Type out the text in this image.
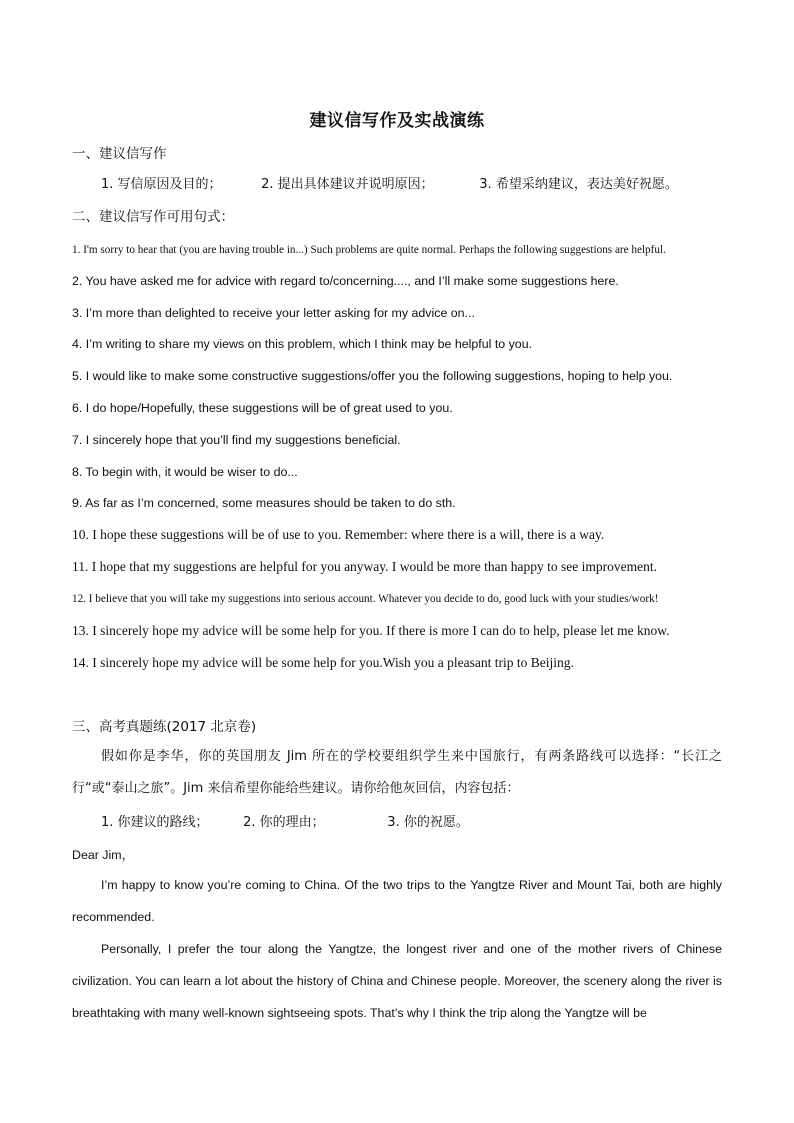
建议信写作及实战演练
一、建议信写作
1. 写信原因及目的；	2. 提出具体建议并说明原因；	3. 希望采纳建议，表达美好祝愿。
二、建议信写作可用句式：
1. I'm sorry to hear that (you are having trouble in...) Such problems are quite normal. Perhaps the following suggestions are helpful.
2. You have asked me for advice with regard to/concerning...., and I’ll make some suggestions here.
3. I’m more than delighted to receive your letter asking for my advice on...
4. I’m writing to share my views on this problem, which I think may be helpful to you.
5. I would like to make some constructive suggestions/offer you the following suggestions, hoping to help you.
6. I do hope/Hopefully, these suggestions will be of great used to you.
7. I sincerely hope that you’ll find my suggestions beneficial.
8. To begin with, it would be wiser to do...
9. As far as I’m concerned, some measures should be taken to do sth.
10. I hope these suggestions will be of use to you. Remember: where there is a will, there is a way.
11. I hope that my suggestions are helpful for you anyway. I would be more than happy to see improvement.
12. I believe that you will take my suggestions into serious account. Whatever you decide to do, good luck with your studies/work!
13. I sincerely hope my advice will be some help for you. If there is more I can do to help, please let me know.
14. I sincerely hope my advice will be some help for you.Wish you a pleasant trip to Beijing.
三、高考真题练(2017 北京卷)
假如你是李华，你的英国朋友 Jim 所在的学校要组织学生来中国旅行，有两条路线可以选择：“长江之行“或“泰山之旅”。Jim 来信希望你能给些建议。请你给他灰回信，内容包括：
1. 你建议的路线；	2. 你的理由；	3. 你的祝愿。
Dear Jim，
I’m happy to know you’re coming to China. Of the two trips to the Yangtze River and Mount Tai, both are highly recommended.
Personally, I prefer the tour along the Yangtze, the longest river and one of the mother rivers of Chinese civilization. You can learn a lot about the history of China and Chinese people. Moreover, the scenery along the river is breathtaking with many well-known sightseeing spots. That’s why I think the trip along the Yangtze will be
